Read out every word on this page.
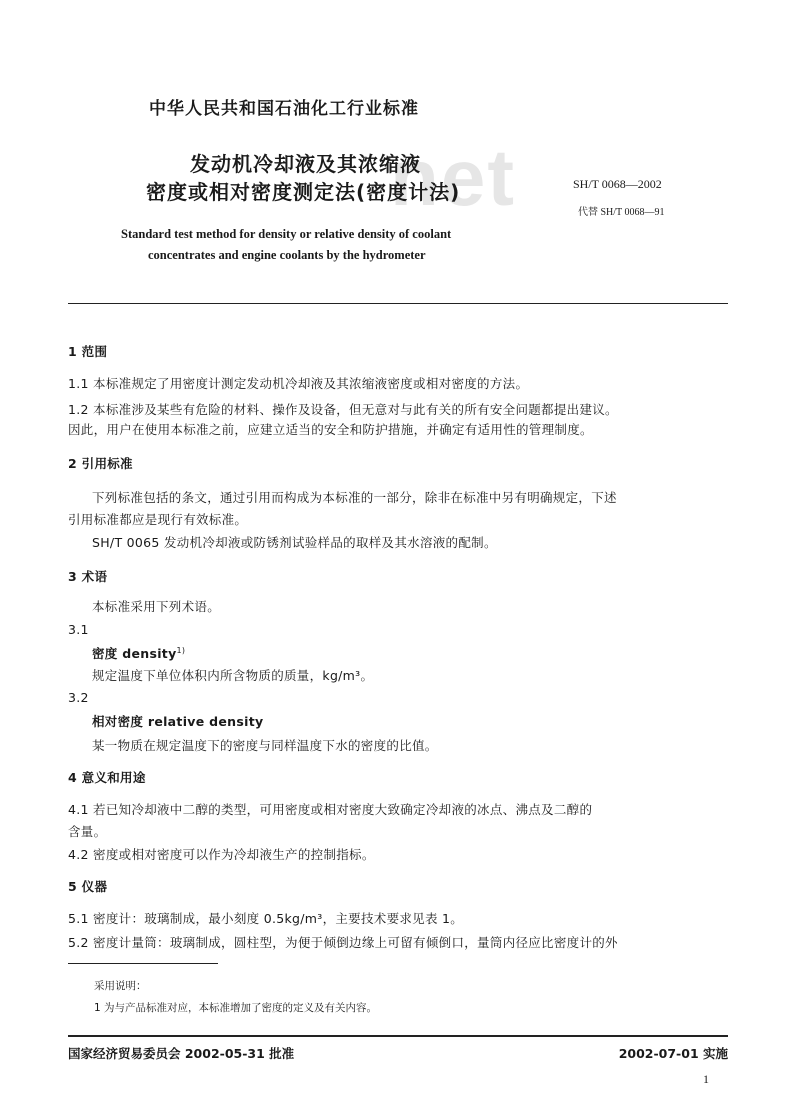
net
中华人民共和国石油化工行业标准
发动机冷却液及其浓缩液
密度或相对密度测定法(密度计法)	SH/T 0068—2002
代替 SH/T 0068—91
Standard test method for density or relative density of coolant
concentrates and engine coolants by the hydrometer
1 范围
1.1 本标准规定了用密度计测定发动机冷却液及其浓缩液密度或相对密度的方法。
1.2 本标准涉及某些有危险的材料、操作及设备，但无意对与此有关的所有安全问题都提出建议。
因此，用户在使用本标准之前，应建立适当的安全和防护措施，并确定有适用性的管理制度。
2 引用标准
下列标准包括的条文，通过引用而构成为本标准的一部分，除非在标准中另有明确规定，下述
引用标准都应是现行有效标准。
SH/T 0065 发动机冷却液或防锈剂试验样品的取样及其水溶液的配制。
3 术语
本标准采用下列术语。
3.1
密度 density$^{1)}$
规定温度下单位体积内所含物质的质量，kg/m³。
3.2
相对密度 relative density
某一物质在规定温度下的密度与同样温度下水的密度的比值。
4 意义和用途
4.1 若已知冷却液中二醇的类型，可用密度或相对密度大致确定冷却液的冰点、沸点及二醇的
含量。
4.2 密度或相对密度可以作为冷却液生产的控制指标。
5 仪器
5.1 密度计：玻璃制成，最小刻度 0.5kg/m³，主要技术要求见表 1。
5.2 密度计量筒：玻璃制成，圆柱型，为便于倾倒边缘上可留有倾倒口，量筒内径应比密度计的外
采用说明：
1 为与产品标准对应，本标准增加了密度的定义及有关内容。
国家经济贸易委员会 2002-05-31 批准	2002-07-01 实施
1
